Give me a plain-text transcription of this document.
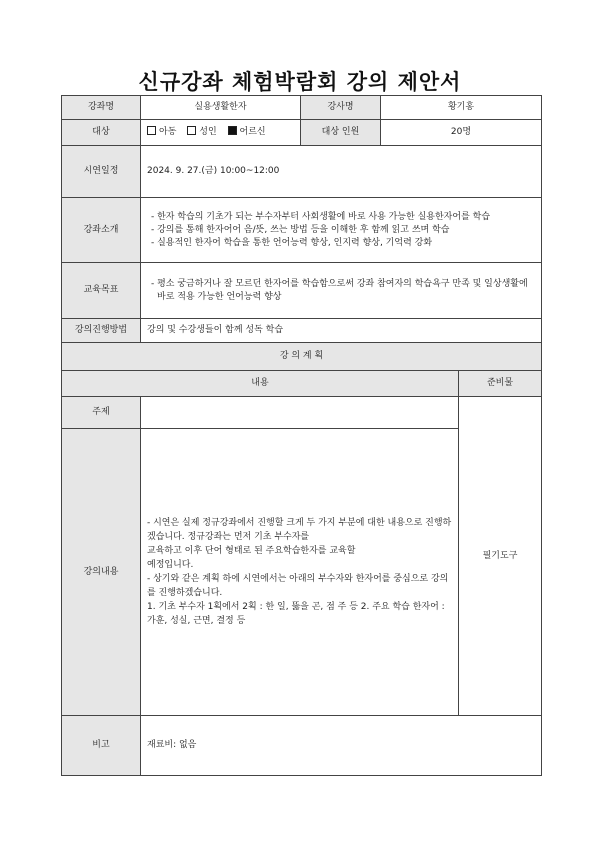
신규강좌 체험박람회 강의 제안서
강좌명	실용생활한자	강사명	황기홍	
대상	아동 성인 어르신	대상 인원	20명	
시연일정	2024. 9. 27.(금) 10:00~12:00			
강좌소개	- 한자 학습의 기초가 되는 부수자부터 사회생활에 바로 사용 가능한 실용한자어를 학습
- 강의를 통해 한자어어 음/뜻, 쓰는 방법 등을 이해한 후 함께 읽고 쓰며 학습
- 실용적인 한자어 학습을 통한 언어능력 향상, 인지력 향상, 기억력 강화			

교육목표	- 평소 궁금하거나 잘 모르던 한자어를 학습함으로써 강좌 참여자의 학습욕구 만족 및 일상생활에 바로 적용 가능한 언어능력 향상			

강의진행방법	강의 및 수강생들이 함께 성독 학습			
강 의 계 획				
내용				준비물
주제				필기도구
강의내용	- 시연은 실제 정규강좌에서 진행할 크게 두 가지 부분에 대한 내용으로 진행하겠습니다. 정규강좌는 먼저 기초 부수자를
교육하고 이후 단어 형태로 된 주요학습한자를 교육할
예정입니다.
- 상기와 같은 계획 하에 시연에서는 아래의 부수자와 한자어를 중심으로 강의를 진행하겠습니다.
1. 기초 부수자 1획에서 2획 : 한 일, 뚫을 곤, 점 주 등 2. 주요 학습 한자어 : 가훈, 성실, 근면, 결정 등			

비고	재료비: 없음			
